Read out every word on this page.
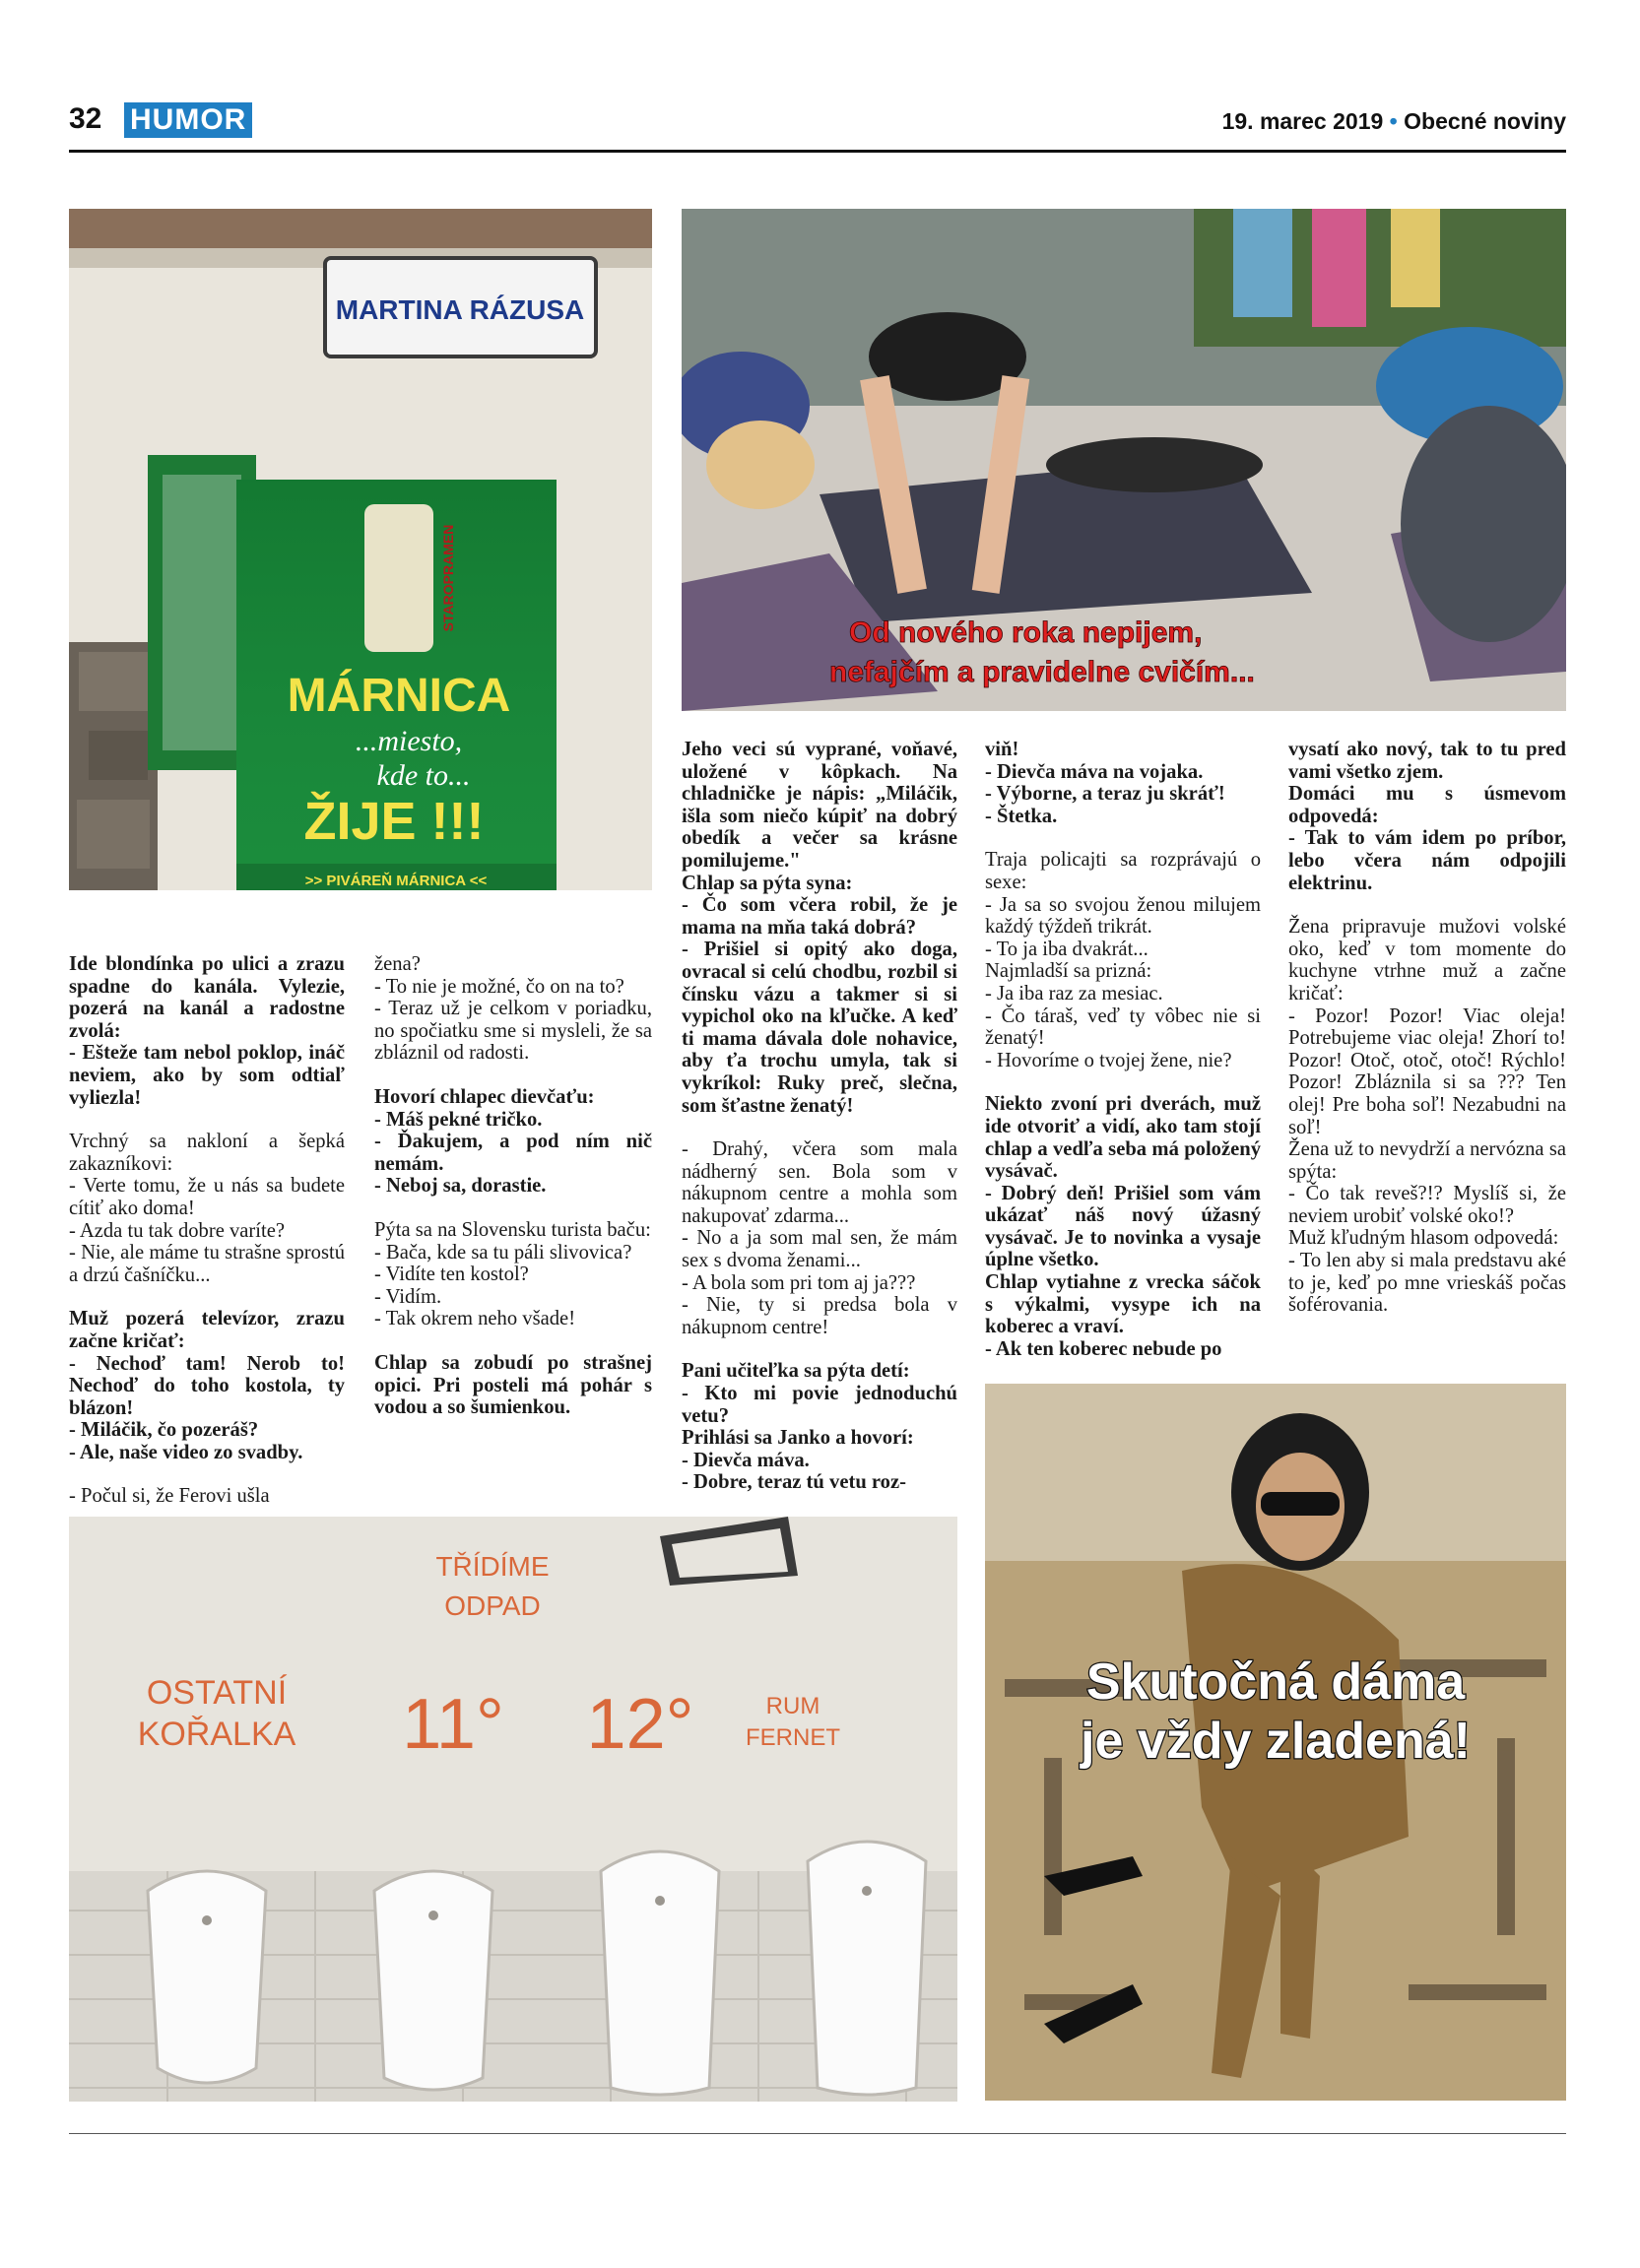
32 HUMOR	19. marec 2019 • Obecné noviny
MARTINA RÁZUSA
STAROPRAMEN
MÁRNICA
...miesto,
kde to...
ŽIJE !!!
>> PIVÁREŇ MÁRNICA <<
Od nového roka nepijem,
nefajčím a pravidelne cvičím...

Ide blondínka po ulici a zrazu spadne do kanála. Vylezie, pozerá na kanál a radostne zvolá:
- Ešteže tam nebol poklop, ináč neviem, ako by som odtiaľ vyliezla!

Vrchný sa nakloní a šepká zakazníkovi:
- Verte tomu, že u nás sa budete cítiť ako doma!
- Azda tu tak dobre varíte?
- Nie, ale máme tu strašne sprostú a drzú čašníčku...

Muž pozerá televízor, zrazu začne kričať:
- Nechoď tam! Nerob to! Nechoď do toho kostola, ty blázon!
- Miláčik, čo pozeráš?
- Ale, naše video zo svadby.

- Počul si, že Ferovi ušla

žena?
- To nie je možné, čo on na to?
- Teraz už je celkom v poriadku, no spočiatku sme si mysleli, že sa zbláznil od radosti.

Hovorí chlapec dievčaťu:
- Máš pekné tričko.
- Ďakujem, a pod ním nič nemám.
- Neboj sa, dorastie.

Pýta sa na Slovensku turista baču:
- Bača, kde sa tu páli slivovica?
- Vidíte ten kostol?
- Vidím.
- Tak okrem neho všade!

Chlap sa zobudí po strašnej opici. Pri posteli má pohár s vodou a so šumienkou.

Jeho veci sú vyprané, voňavé, uložené v kôpkach. Na chladničke je nápis: „Miláčik, išla som niečo kúpiť na dobrý obedík a večer sa krásne pomilujeme."
Chlap sa pýta syna:
- Čo som včera robil, že je mama na mňa taká dobrá?
- Prišiel si opitý ako doga, ovracal si celú chodbu, rozbil si čínsku vázu a takmer si si vypichol oko na kľučke. A keď ti mama dávala dole nohavice, aby ťa trochu umyla, tak si vykríkol: Ruky preč, slečna, som šťastne ženatý!

- Drahý, včera som mala nádherný sen. Bola som v nákupnom centre a mohla som nakupovať zdarma...
- No a ja som mal sen, že mám sex s dvoma ženami...
- A bola som pri tom aj ja???
- Nie, ty si predsa bola v nákupnom centre!

Pani učiteľka sa pýta detí:
- Kto mi povie jednoduchú vetu?
Prihlási sa Janko a hovorí:
- Dievča máva.
- Dobre, teraz tú vetu roz-

viň!
- Dievča máva na vojaka.
- Výborne, a teraz ju skráť!
- Štetka.

Traja policajti sa rozprávajú o sexe:
- Ja sa so svojou ženou milujem každý týždeň trikrát.
- To ja iba dvakrát...
Najmladší sa prizná:
- Ja iba raz za mesiac.
- Čo táraš, veď ty vôbec nie si ženatý!
- Hovoríme o tvojej žene, nie?

Niekto zvoní pri dverách, muž ide otvoriť a vidí, ako tam stojí chlap a vedľa seba má položený vysávač.
- Dobrý deň! Prišiel som vám ukázať náš nový úžasný vysávač. Je to novinka a vysaje úplne všetko.
Chlap vytiahne z vrecka sáčok s výkalmi, vysype ich na koberec a vraví.
- Ak ten koberec nebude po

vysatí ako nový, tak to tu pred vami všetko zjem.
Domáci mu s úsmevom odpovedá:
- Tak to vám idem po príbor, lebo včera nám odpojili elektrinu.

Žena pripravuje mužovi volské oko, keď v tom momente do kuchyne vtrhne muž a začne kričať:
- Pozor! Pozor! Viac oleja! Potrebujeme viac oleja! Zhorí to! Pozor! Otoč, otoč, otoč! Rýchlo! Pozor! Zbláznila si sa ??? Ten olej! Pre boha soľ! Nezabudni na soľ!
Žena už to nevydrží a nervózna sa spýta:
- Čo tak reveš?!? Myslíš si, že neviem urobiť volské oko!?
Muž kľudným hlasom odpovedá:
- To len aby si mala predstavu aké to je, keď po mne vrieskáš počas šoférovania.

TŘÍDÍME
ODPAD
OSTATNÍ
KOŘALKA 11° 12°	RUM
FERNET
Skutočná dáma
je vždy zladená!
